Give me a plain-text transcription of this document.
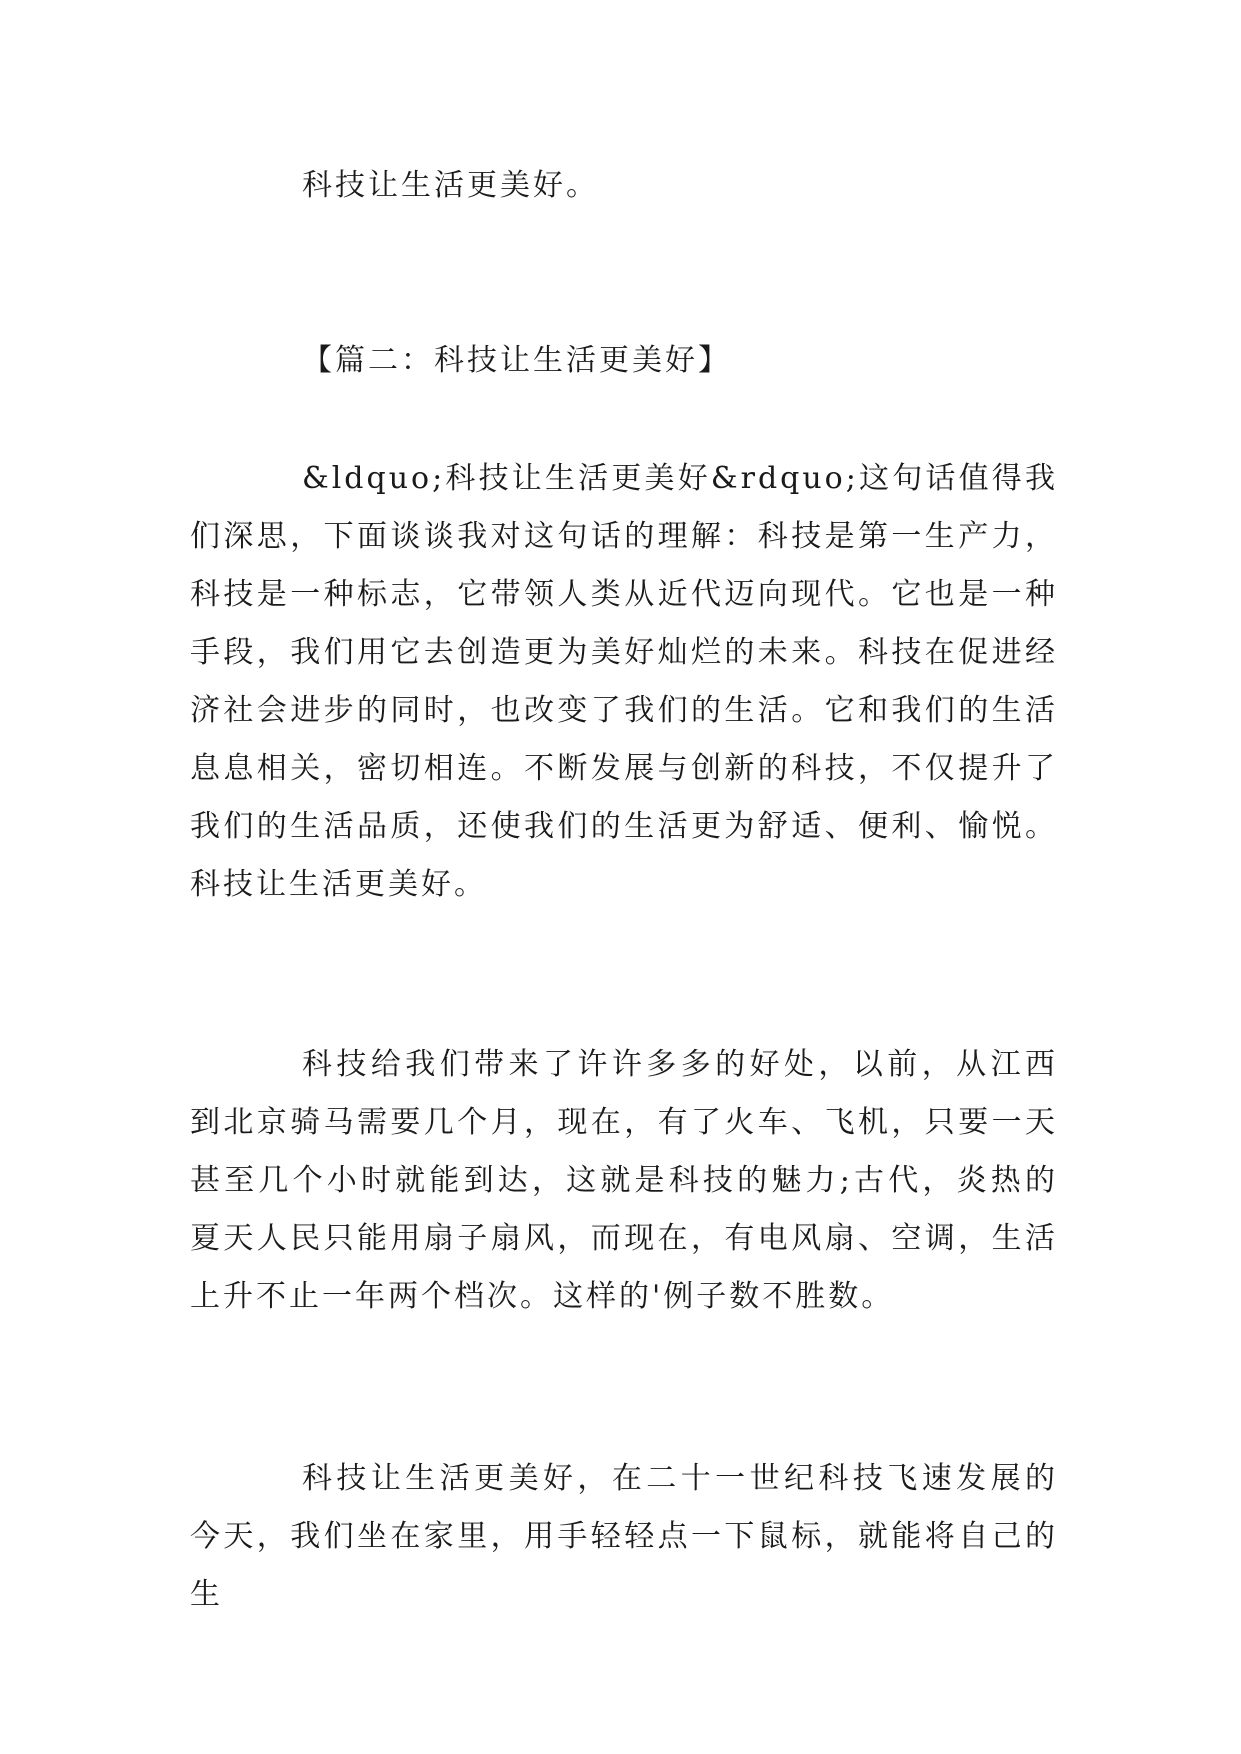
科技让生活更美好。

【篇二：科技让生活更美好】

&ldquo;科技让生活更美好&rdquo;这句话值得我们深思，下面谈谈我对这句话的理解：科技是第一生产力，科技是一种标志，它带领人类从近代迈向现代。它也是一种手段，我们用它去创造更为美好灿烂的未来。科技在促进经济社会进步的同时，也改变了我们的生活。它和我们的生活息息相关，密切相连。不断发展与创新的科技，不仅提升了我们的生活品质，还使我们的生活更为舒适、便利、愉悦。科技让生活更美好。

科技给我们带来了许许多多的好处，以前，从江西到北京骑马需要几个月，现在，有了火车、飞机，只要一天甚至几个小时就能到达，这就是科技的魅力;古代，炎热的夏天人民只能用扇子扇风，而现在，有电风扇、空调，生活上升不止一年两个档次。这样的'例子数不胜数。

科技让生活更美好，在二十一世纪科技飞速发展的今天，我们坐在家里，用手轻轻点一下鼠标，就能将自己的生
